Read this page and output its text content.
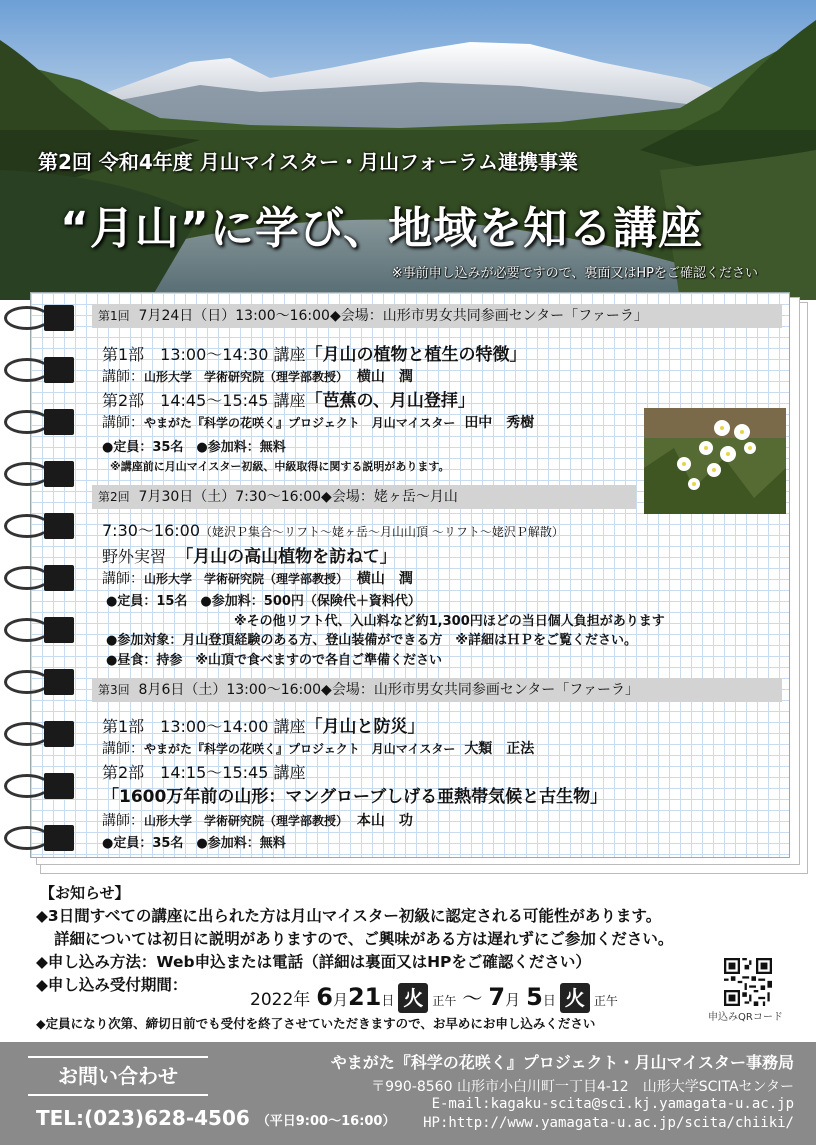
第2回 令和4年度 月山マイスター・月山フォーラム連携事業
“月山”に学び、地域を知る講座
※事前申し込みが必要ですので、裏面又はHPをご確認ください
第1回 7月24日（日）13:00～16:00◆会場：山形市男女共同参画センター「ファーラ」
第1部　13:00～14:30 講座「月山の植物と植生の特徴」
講師：山形大学　学術研究院（理学部教授） 横山　潤
第2部　14:45～15:45 講座「芭蕉の、月山登拝」
講師：やまがた『科学の花咲く』プロジェクト　月山マイスター 田中　秀樹
●定員：35名　●参加料：無料
※講座前に月山マイスター初級、中級取得に関する説明があります。
第2回 7月30日（土）7:30～16:00◆会場：姥ヶ岳～月山
7:30～16:00（姥沢Ｐ集合～リフト～姥ヶ岳～月山山頂 ～リフト～姥沢Ｐ解散）
野外実習 「月山の高山植物を訪ねて」
講師：山形大学　学術研究院（理学部教授） 横山　潤
●定員：15名　●参加料：500円（保険代＋資料代）
※その他リフト代、入山料など約1,300円ほどの当日個人負担があります
●参加対象：月山登頂経験のある方、登山装備ができる方　※詳細はＨＰをご覧ください。
●昼食：持参　※山頂で食べますので各自ご準備ください
第3回 8月6日（土）13:00～16:00◆会場：山形市男女共同参画センター「ファーラ」
第1部　13:00～14:00 講座「月山と防災」
講師：やまがた『科学の花咲く』プロジェクト　月山マイスター 大類　正法
第2部　14:15～15:45 講座
「1600万年前の山形：マングローブしげる亜熱帯気候と古生物」
講師：山形大学　学術研究院（理学部教授） 本山　功
●定員：35名　●参加料：無料
【お知らせ】
◆3日間すべての講座に出られた方は月山マイスター初級に認定される可能性があります。
詳細については初日に説明がありますので、ご興味がある方は遅れずにご参加ください。
◆申し込み方法：Web申込または電話（詳細は裏面又はHPをご確認ください）
◆申し込み受付期間：
2022年 6 月 21 日 火 正午 ～ 7 月 5 日 火 正午
申込みQRコード
◆定員になり次第、締切日前でも受付を終了させていただきますので、お早めにお申し込みください
お問い合わせ
TEL:(023)628-4506 （平日9:00～16:00）
やまがた『科学の花咲く』プロジェクト・月山マイスター事務局
〒990-8560 山形市小白川町一丁目4-12　山形大学SCITAセンター
E-mail:kagaku-scita@sci.kj.yamagata-u.ac.jp
HP:http://www.yamagata-u.ac.jp/scita/chiiki/
